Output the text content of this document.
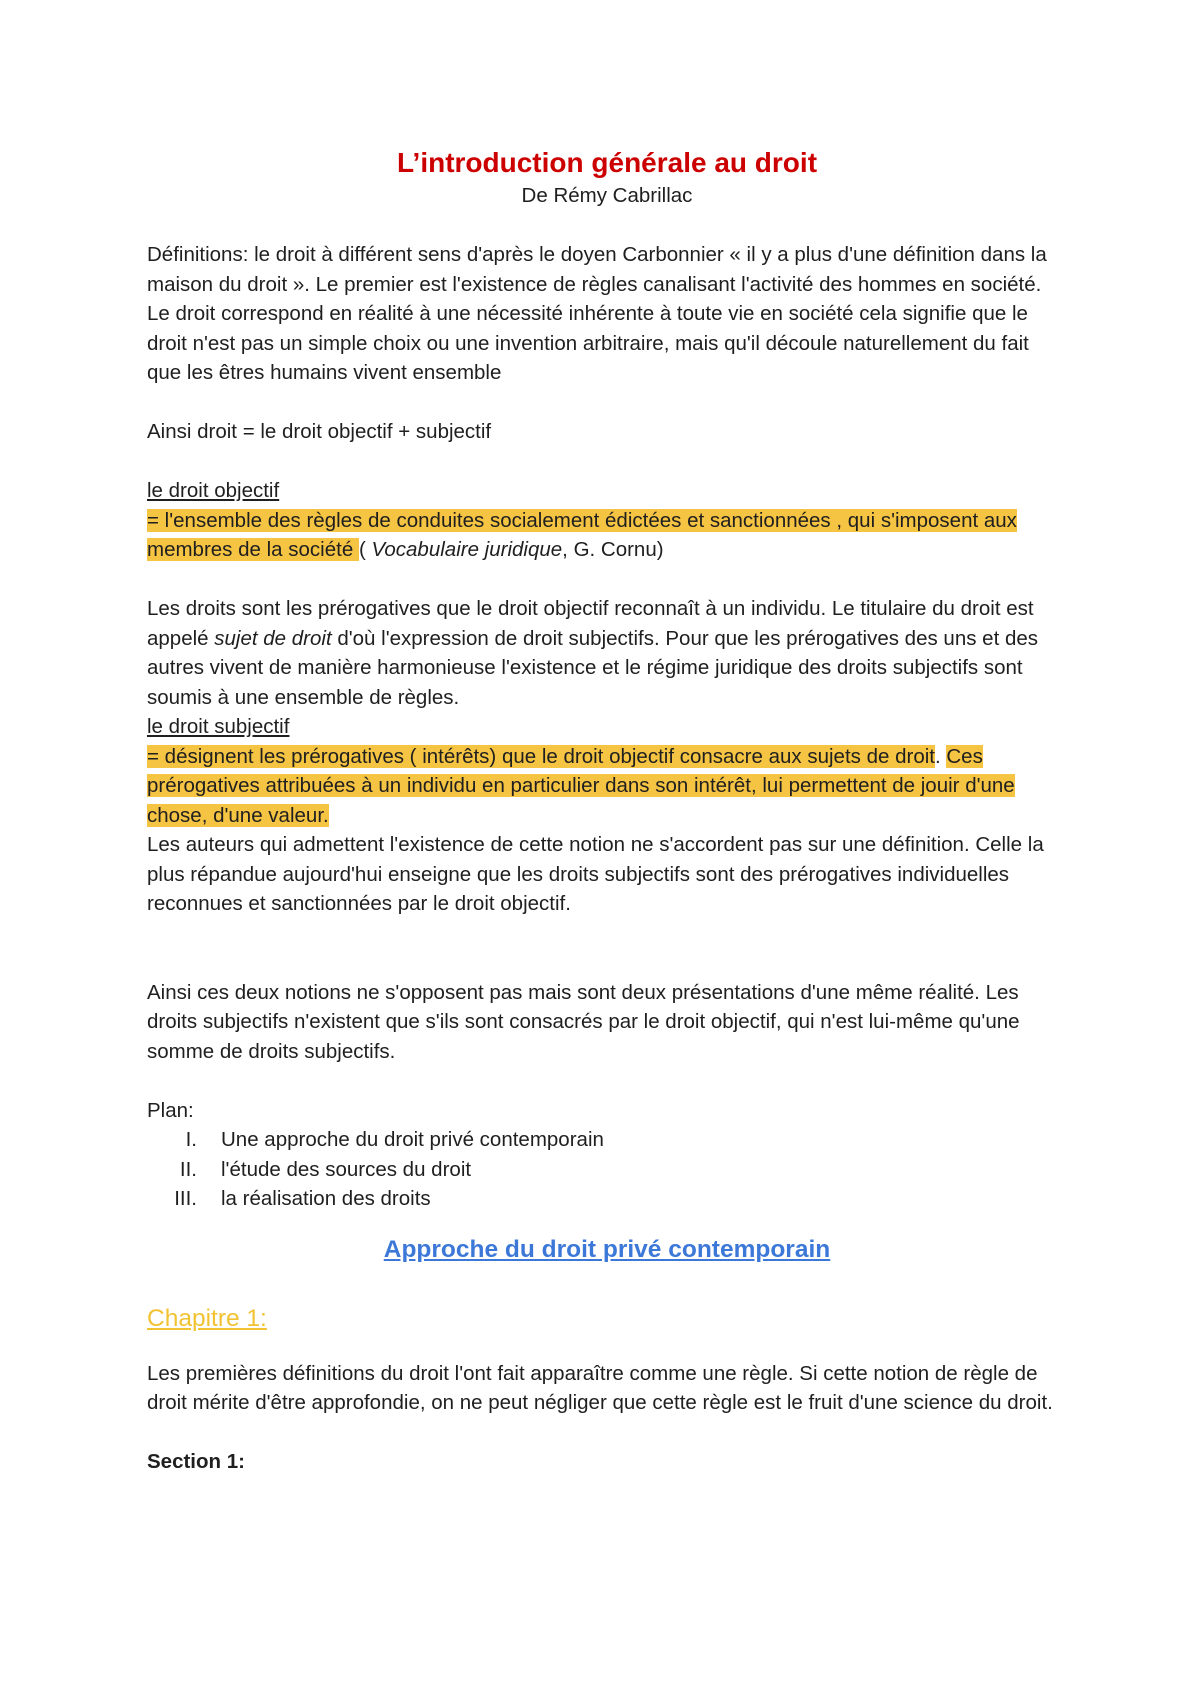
L’introduction générale au droit

De Rémy Cabrillac

Définitions: le droit à différent sens d'après le doyen Carbonnier « il y a plus d'une définition dans la maison du droit ». Le premier est l'existence de règles canalisant l'activité des hommes en société. Le droit correspond en réalité à une nécessité inhérente à toute vie en société cela signifie que le droit n'est pas un simple choix ou une invention arbitraire, mais qu'il découle naturellement du fait que les êtres humains vivent ensemble

Ainsi droit = le droit objectif + subjectif

le droit objectif

= l'ensemble des règles de conduites socialement édictées et sanctionnées , qui s'imposent aux membres de la société ( Vocabulaire juridique, G. Cornu)

Les droits sont les prérogatives que le droit objectif reconnaît à un individu. Le titulaire du droit est appelé sujet de droit d'où l'expression de droit subjectifs. Pour que les prérogatives des uns et des autres vivent de manière harmonieuse l'existence et le régime juridique des droits subjectifs sont soumis à une ensemble de règles.

le droit subjectif

= désignent les prérogatives ( intérêts) que le droit objectif consacre aux sujets de droit. Ces prérogatives attribuées à un individu en particulier dans son intérêt, lui permettent de jouir d'une chose, d'une valeur.

Les auteurs qui admettent l'existence de cette notion ne s'accordent pas sur une définition. Celle la plus répandue aujourd'hui enseigne que les droits subjectifs sont des prérogatives individuelles reconnues et sanctionnées par le droit objectif.

Ainsi ces deux notions ne s'opposent pas mais sont deux présentations d'une même réalité. Les droits subjectifs n'existent que s'ils sont consacrés par le droit objectif, qui n'est lui-même qu'une somme de droits subjectifs.

Plan:

I.	Une approche du droit privé contemporain
II.	l'étude des sources du droit
III.	la réalisation des droits

Approche du droit privé contemporain

Chapitre 1:

Les premières définitions du droit l'ont fait apparaître comme une règle. Si cette notion de règle de droit mérite d'être approfondie, on ne peut négliger que cette règle est le fruit d'une science du droit.

Section 1:
